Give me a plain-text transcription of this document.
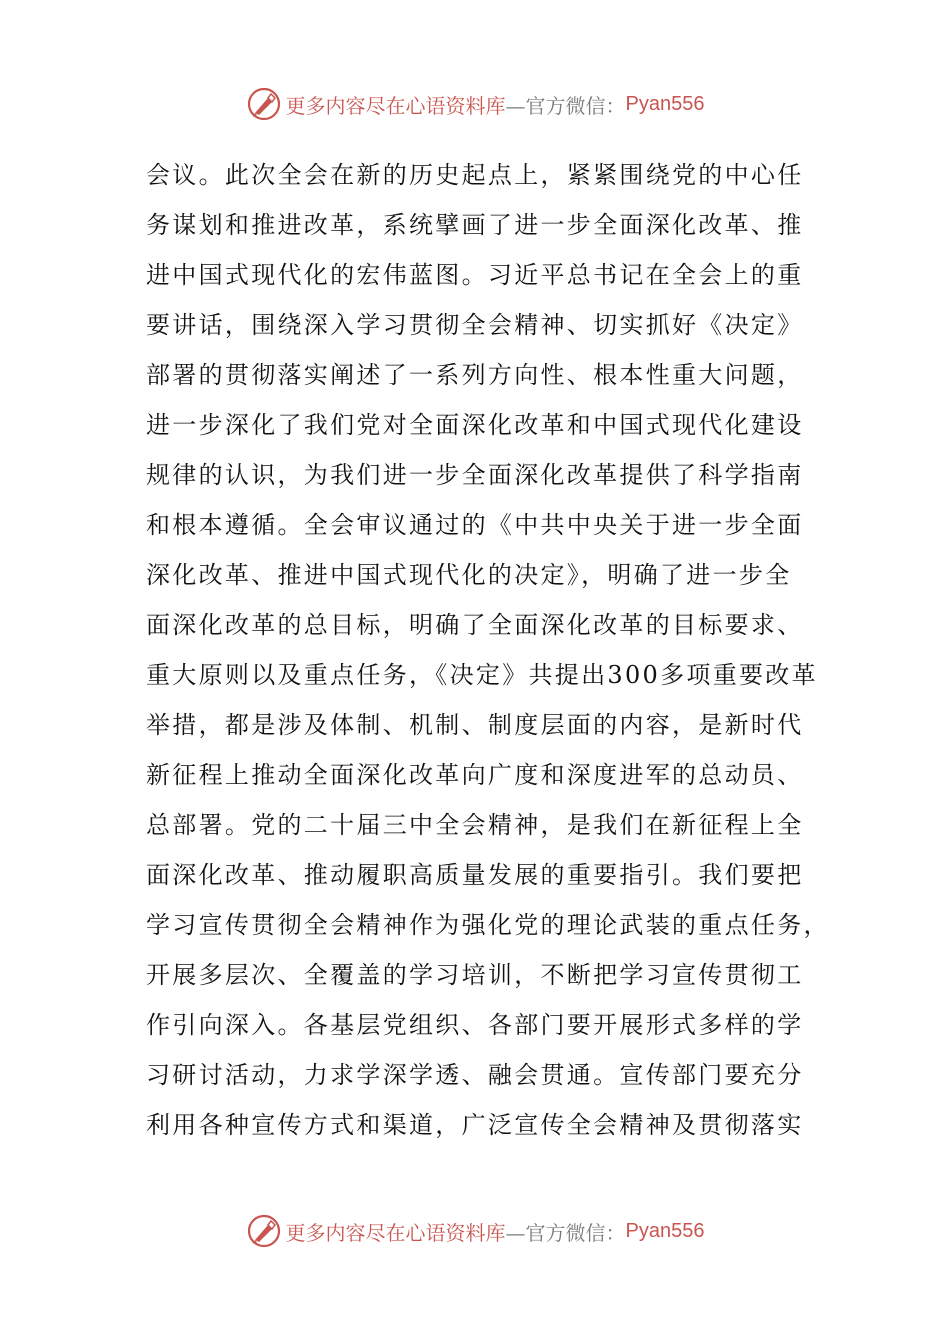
更多内容尽在心语资料库 —官方微信： Pyan556
会议。此次全会在新的历史起点上，紧紧围绕党的中心任
务谋划和推进改革，系统擘画了进一步全面深化改革、推
进中国式现代化的宏伟蓝图。习近平总书记在全会上的重
要讲话，围绕深入学习贯彻全会精神、切实抓好《决定》
部署的贯彻落实阐述了一系列方向性、根本性重大问题，
进一步深化了我们党对全面深化改革和中国式现代化建设
规律的认识，为我们进一步全面深化改革提供了科学指南
和根本遵循。全会审议通过的《中共中央关于进一步全面
深化改革、推进中国式现代化的决定》，明确了进一步全
面深化改革的总目标，明确了全面深化改革的目标要求、
重大原则以及重点任务，《决定》共提出300多项重要改革
举措，都是涉及体制、机制、制度层面的内容，是新时代
新征程上推动全面深化改革向广度和深度进军的总动员、
总部署。党的二十届三中全会精神，是我们在新征程上全
面深化改革、推动履职高质量发展的重要指引。我们要把
学习宣传贯彻全会精神作为强化党的理论武装的重点任务，
开展多层次、全覆盖的学习培训，不断把学习宣传贯彻工
作引向深入。各基层党组织、各部门要开展形式多样的学
习研讨活动，力求学深学透、融会贯通。宣传部门要充分
利用各种宣传方式和渠道，广泛宣传全会精神及贯彻落实
更多内容尽在心语资料库 —官方微信： Pyan556
